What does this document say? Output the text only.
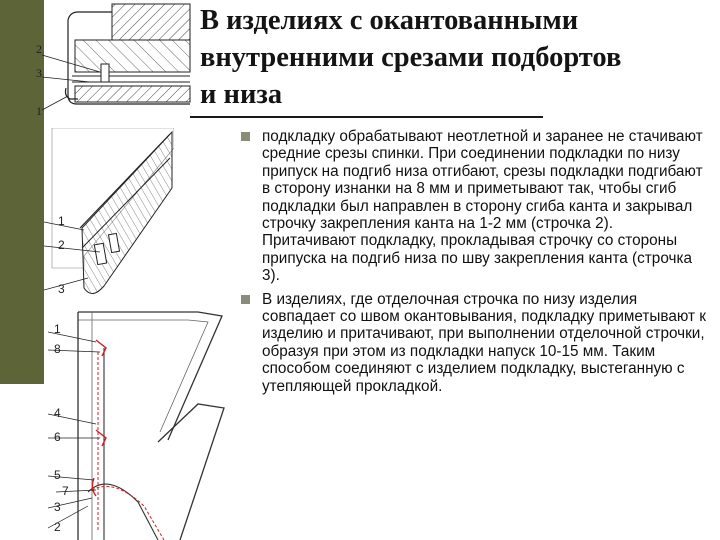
2
3
1
1
2
3
1
8
4
6
5
7
3
2
В изделиях с окантованными
внутренними срезами подбортов
и низа
подкладку обрабатывают неотлетной и заранее не стачивают средние срезы спинки. При соединении подкладки по низу припуск на подгиб низа отгибают, срезы подкладки подгибают в сторону изнанки на 8 мм и приметывают так, чтобы сгиб подкладки был направлен в сторону сгиба канта и закрывал строчку закрепления канта на 1-2 мм (строчка 2). Притачивают подкладку, прокладывая строчку со стороны припуска на подгиб низа по шву закрепления канта (строчка 3).
В изделиях, где отделочная строчка по низу изделия совпадает со швом окантовывания, подкладку приметывают к изделию и притачивают, при выполнении отделочной строчки, образуя при этом из подкладки напуск 10-15 мм. Таким способом соединяют с изделием подкладку, выстеганную с утепляющей прокладкой.
